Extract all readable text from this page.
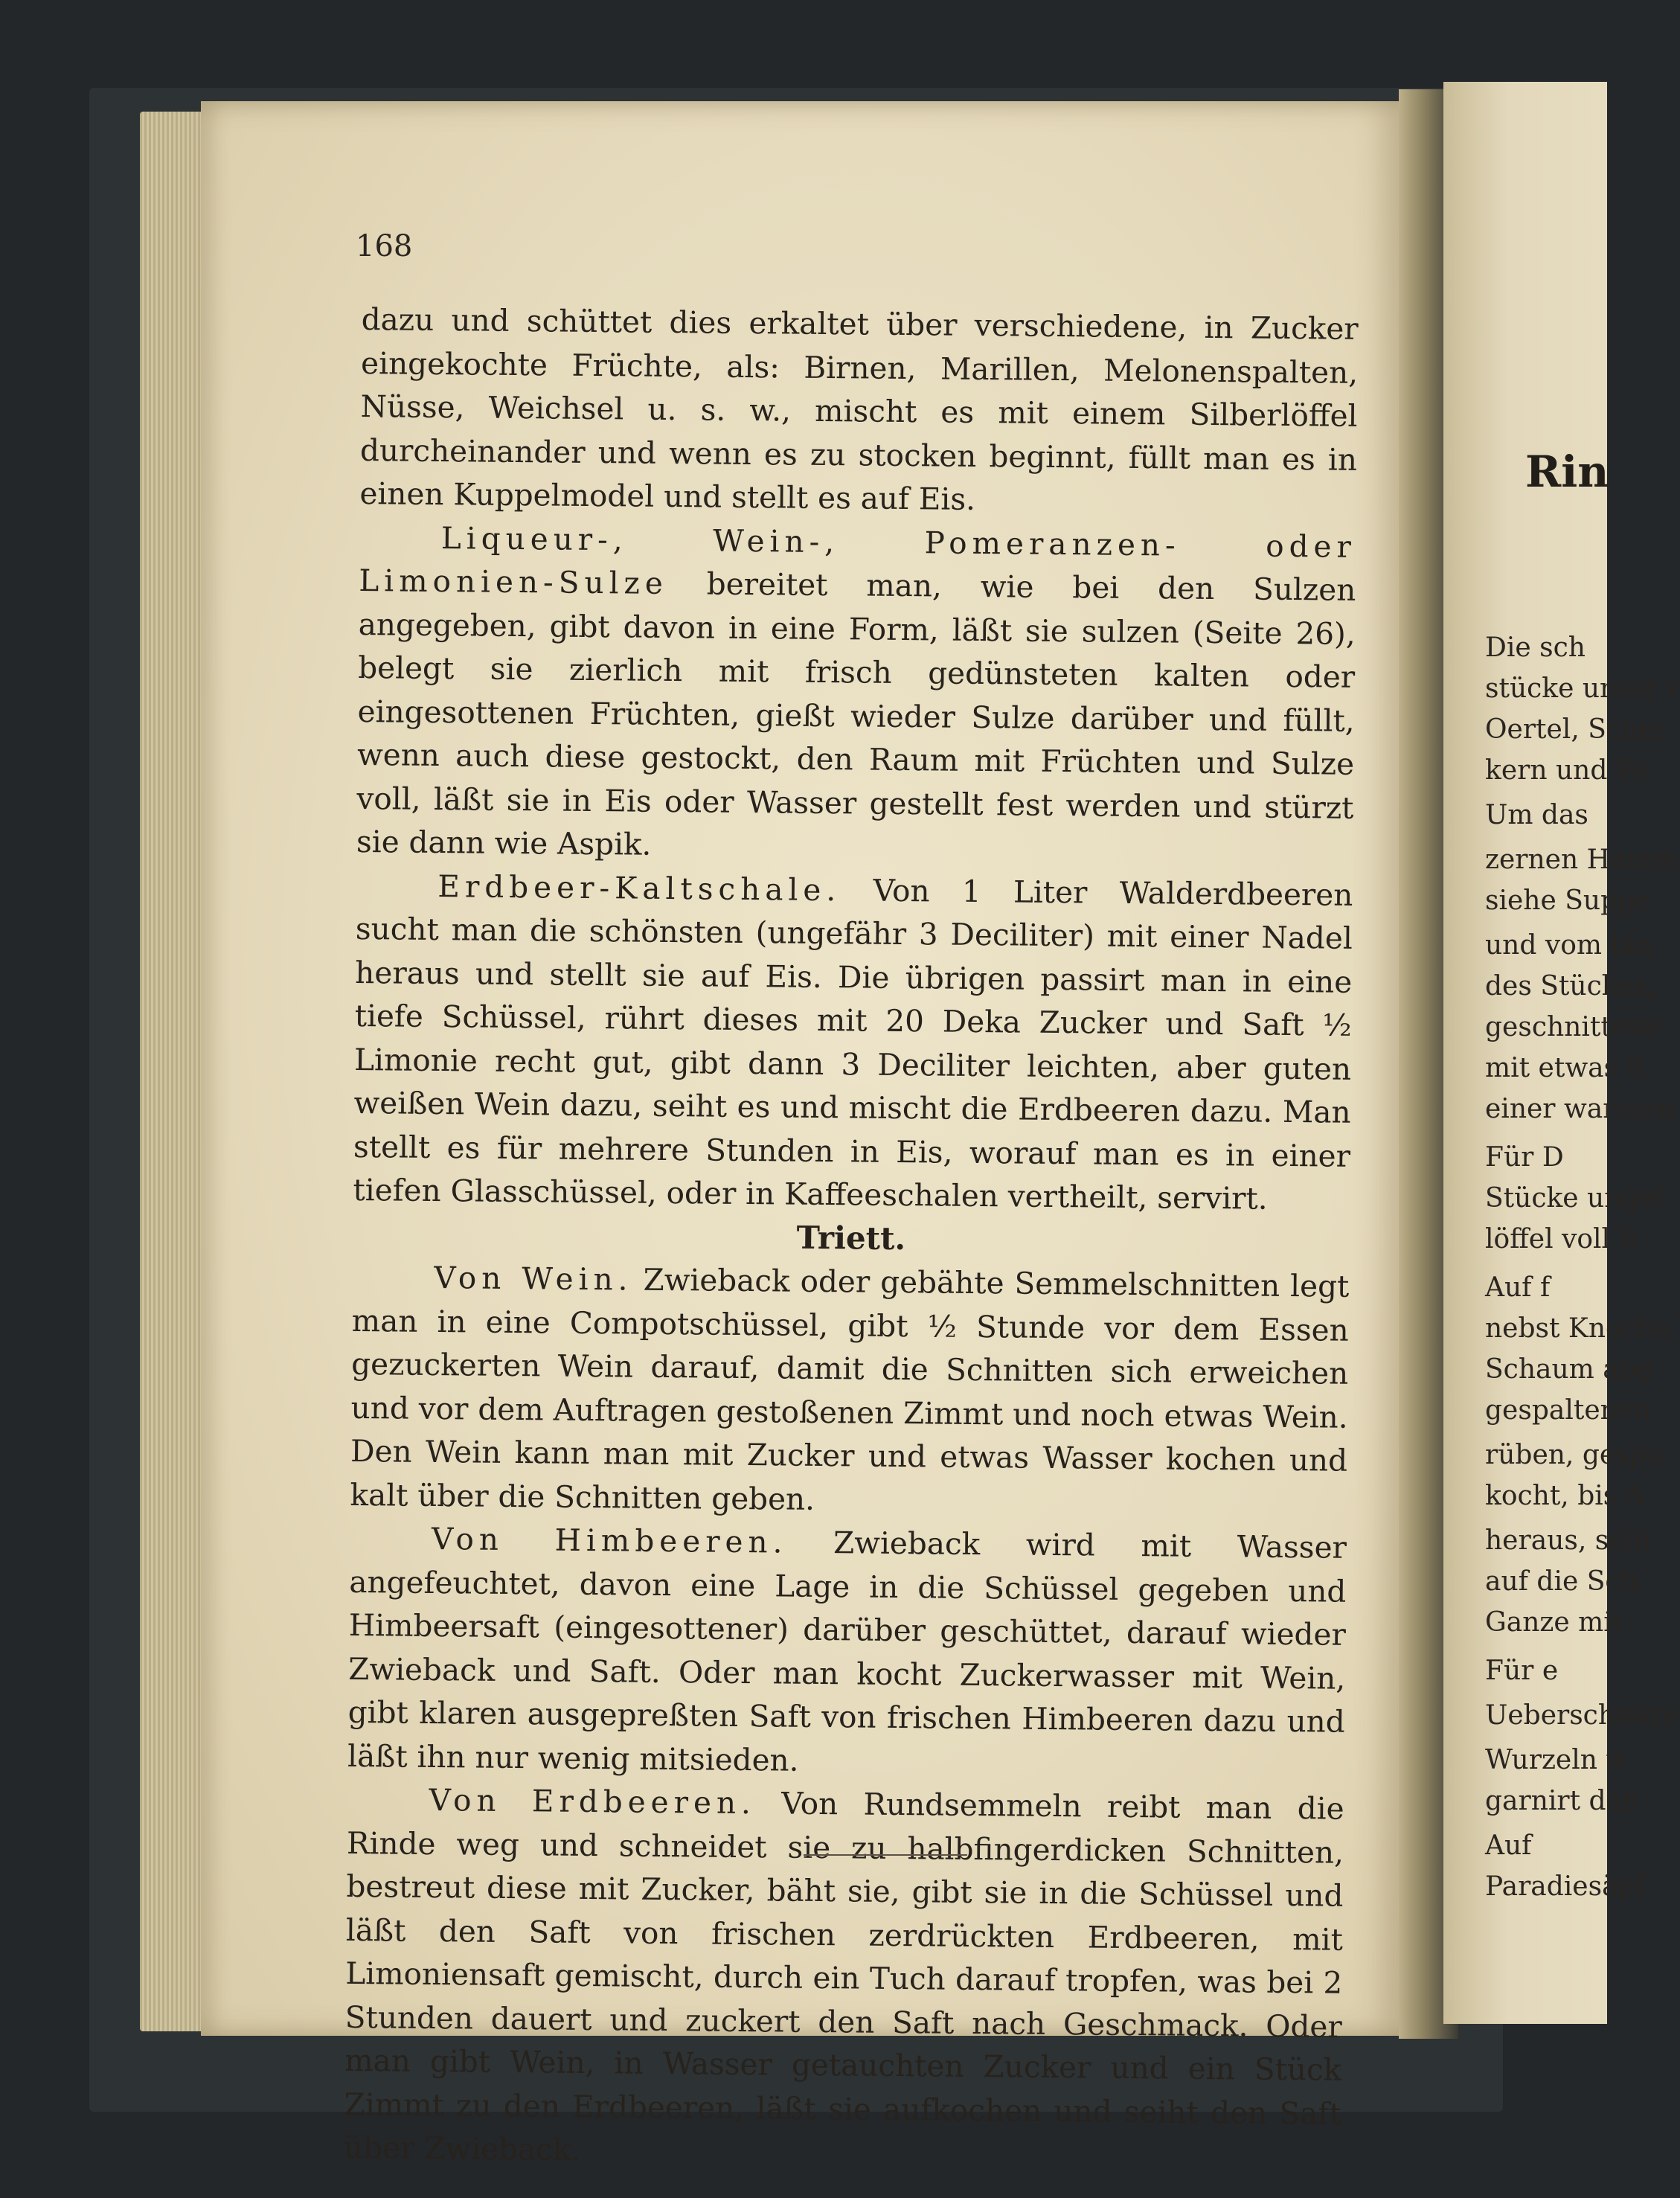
168

dazu und schüttet dies erkaltet über verschiedene, in Zucker eingekochte Früchte, als: Birnen, Marillen, Melonenspalten, Nüsse, Weichsel u. s. w., mischt es mit einem Silberlöffel durcheinander und wenn es zu stocken beginnt, füllt man es in einen Kuppelmodel und stellt es auf Eis.

Liqueur-, Wein-, Pomeranzen- oder Limonien-Sulze bereitet man, wie bei den Sulzen angegeben, gibt davon in eine Form, läßt sie sulzen (Seite 26), belegt sie zierlich mit frisch gedünsteten kalten oder eingesottenen Früchten, gießt wieder Sulze darüber und füllt, wenn auch diese gestockt, den Raum mit Früchten und Sulze voll, läßt sie in Eis oder Wasser gestellt fest werden und stürzt sie dann wie Aspik.

Erdbeer-Kaltschale. Von 1 Liter Walderdbeeren sucht man die schönsten (ungefähr 3 Deciliter) mit einer Nadel heraus und stellt sie auf Eis. Die übrigen passirt man in eine tiefe Schüssel, rührt dieses mit 20 Deka Zucker und Saft ½ Limonie recht gut, gibt dann 3 Deciliter leichten, aber guten weißen Wein dazu, seiht es und mischt die Erdbeeren dazu. Man stellt es für mehrere Stunden in Eis, worauf man es in einer tiefen Glasschüssel, oder in Kaffeeschalen vertheilt, servirt.

Triett.

Von Wein. Zwieback oder gebähte Semmelschnitten legt man in eine Compotschüssel, gibt ½ Stunde vor dem Essen gezuckerten Wein darauf, damit die Schnitten sich erweichen und vor dem Auftragen gestoßenen Zimmt und noch etwas Wein. Den Wein kann man mit Zucker und etwas Wasser kochen und kalt über die Schnitten geben.

Von Himbeeren. Zwieback wird mit Wasser angefeuchtet, davon eine Lage in die Schüssel gegeben und Himbeersaft (eingesottener) darüber geschüttet, darauf wieder Zwieback und Saft. Oder man kocht Zuckerwasser mit Wein, gibt klaren ausgepreßten Saft von frischen Himbeeren dazu und läßt ihn nur wenig mitsieden.

Von Erdbeeren. Von Rundsemmeln reibt man die Rinde weg und schneidet sie zu halbfingerdicken Schnitten, bestreut diese mit Zucker, bäht sie, gibt sie in die Schüssel und läßt den Saft von frischen zerdrückten Erdbeeren, mit Limoniensaft gemischt, durch ein Tuch darauf tropfen, was bei 2 Stunden dauert und zuckert den Saft nach Geschmack. Oder man gibt Wein, in Wasser getauchten Zucker und ein Stück Zimmt zu den Erdbeeren, läßt sie aufkochen und seiht den Saft über Zwieback.

Rin
Die sch
stücke unter v
Oertel, Scher
kern und Fe
Um das
zernen Hamm
siehe Suppe.
und vom län
des Stückes,
geschnittene
mit etwas S
einer warmen
Für D
Stücke ungef
löffel voll S
Auf f
nebst Knoche
Schaum abg
gespaltenen
rüben, gespo
kocht, bis A
heraus, seih
auf die Sch
Ganze mit
Für e
Ueberschnüre
Wurzeln u
garnirt dan
Auf
Paradiesäpf
